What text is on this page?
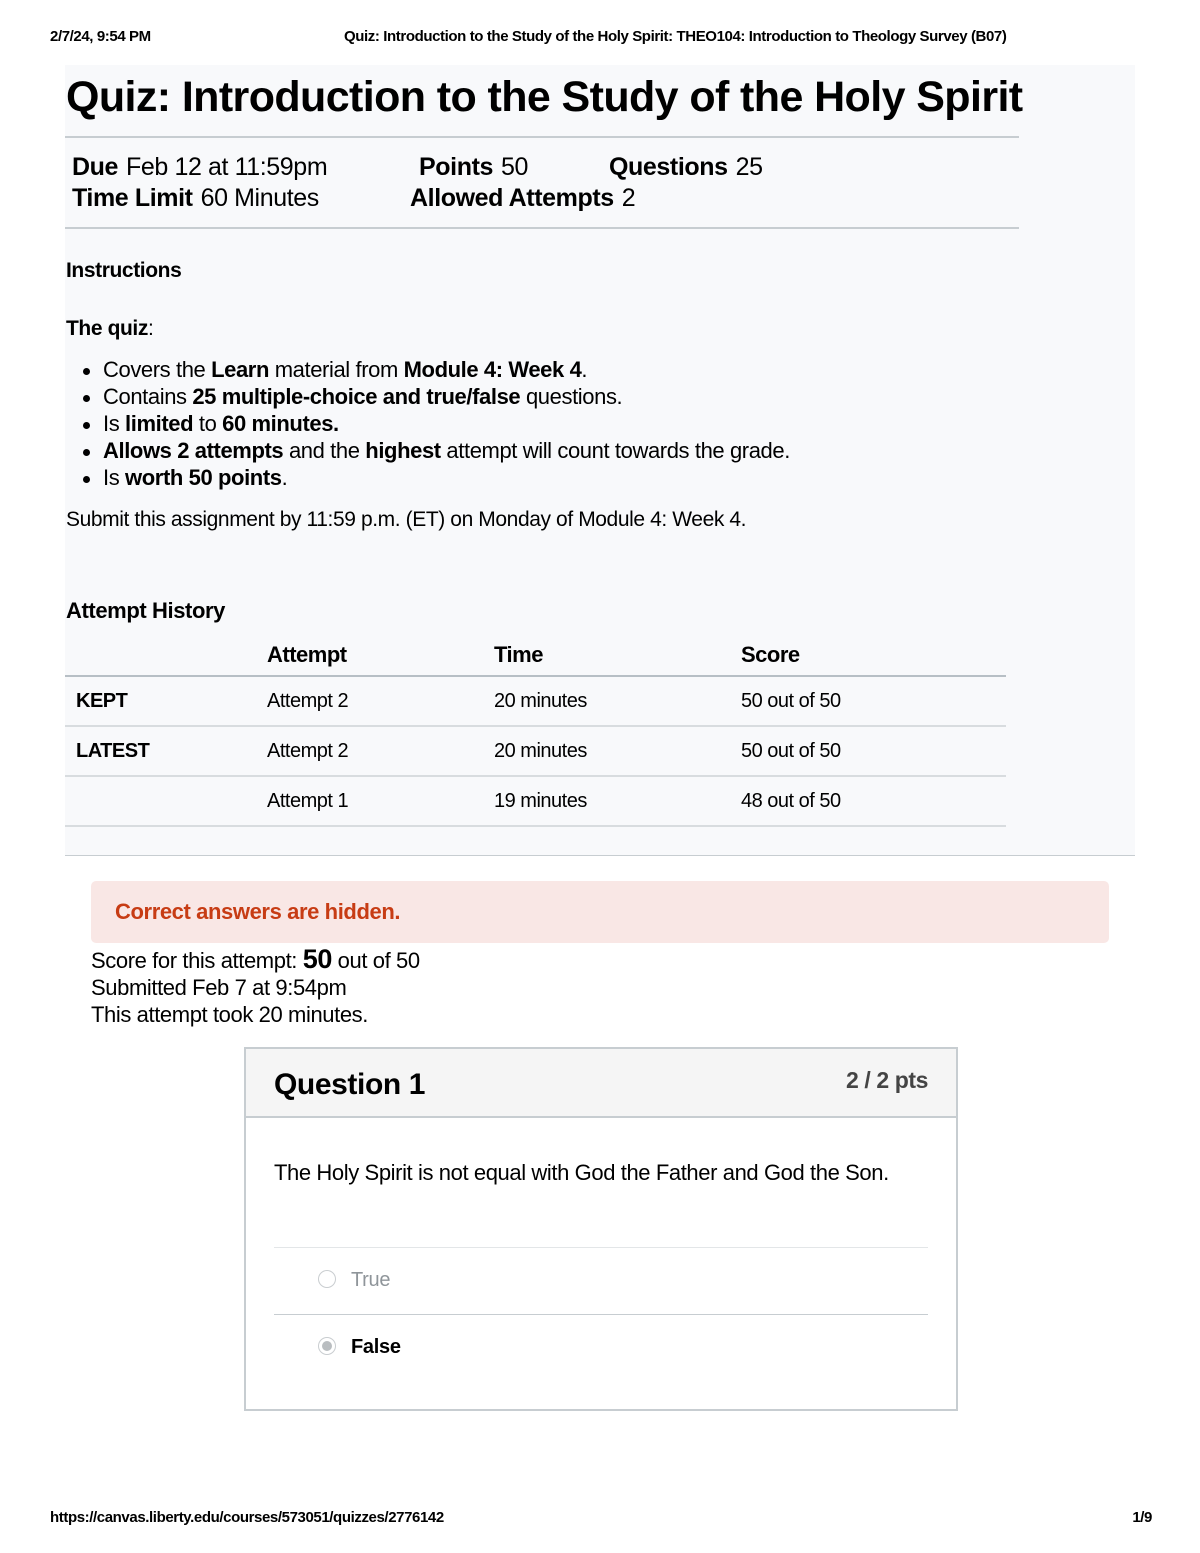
2/7/24, 9:54 PM	Quiz: Introduction to the Study of the Holy Spirit: THEO104: Introduction to Theology Survey (B07)
Quiz: Introduction to the Study of the Holy Spirit
Due Feb 12 at 11:59pm	Points 50	Questions 25
Time Limit 60 Minutes	Allowed Attempts 2
Instructions
The quiz:
Covers the Learn material from Module 4: Week 4.
Contains 25 multiple-choice and true/false questions.
Is limited to 60 minutes.
Allows 2 attempts and the highest attempt will count towards the grade.
Is worth 50 points.
Submit this assignment by 11:59 p.m. (ET) on Monday of Module 4: Week 4.
Attempt History
	Attempt	Time	Score
KEPT	Attempt 2	20 minutes	50 out of 50
LATEST	Attempt 2	20 minutes	50 out of 50
	Attempt 1	19 minutes	48 out of 50
Correct answers are hidden.
Score for this attempt: 50 out of 50
Submitted Feb 7 at 9:54pm
This attempt took 20 minutes.
Question 1	2 / 2 pts
The Holy Spirit is not equal with God the Father and God the Son.
True
False
https://canvas.liberty.edu/courses/573051/quizzes/2776142	1/9
